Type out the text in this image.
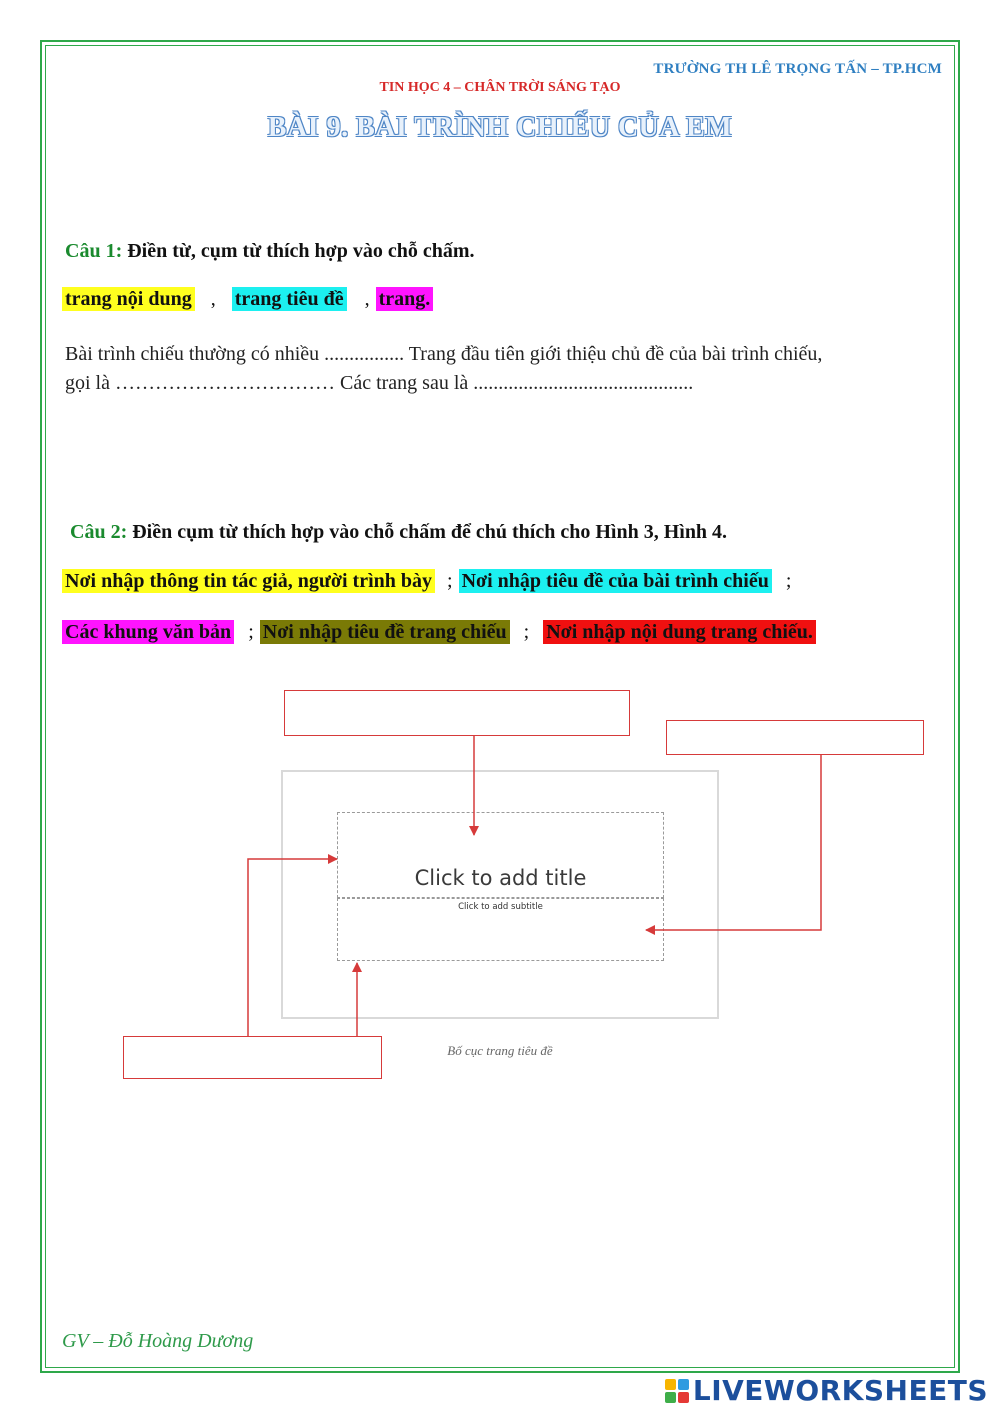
TRƯỜNG TH LÊ TRỌNG TẤN – TP.HCM
TIN HỌC 4 – CHÂN TRỜI SÁNG TẠO
BÀI 9. BÀI TRÌNH CHIẾU CỦA EM
Câu 1: Điền từ, cụm từ thích hợp vào chỗ chấm.
trang nội dung , trang tiêu đề , trang.
Bài trình chiếu thường có nhiều ................ Trang đầu tiên giới thiệu chủ đề của bài trình chiếu,
gọi là …………………………… Các trang sau là ............................................
Câu 2: Điền cụm từ thích hợp vào chỗ chấm để chú thích cho Hình 3, Hình 4.
Nơi nhập thông tin tác giả, người trình bày ; Nơi nhập tiêu đề của bài trình chiếu ;
Các khung văn bản ; Nơi nhập tiêu đề trang chiếu ; Nơi nhập nội dung trang chiếu.
Click to add title
Click to add subtitle
Bố cục trang tiêu đề
GV – Đỗ Hoàng Dương
LIVEWORKSHEETS
